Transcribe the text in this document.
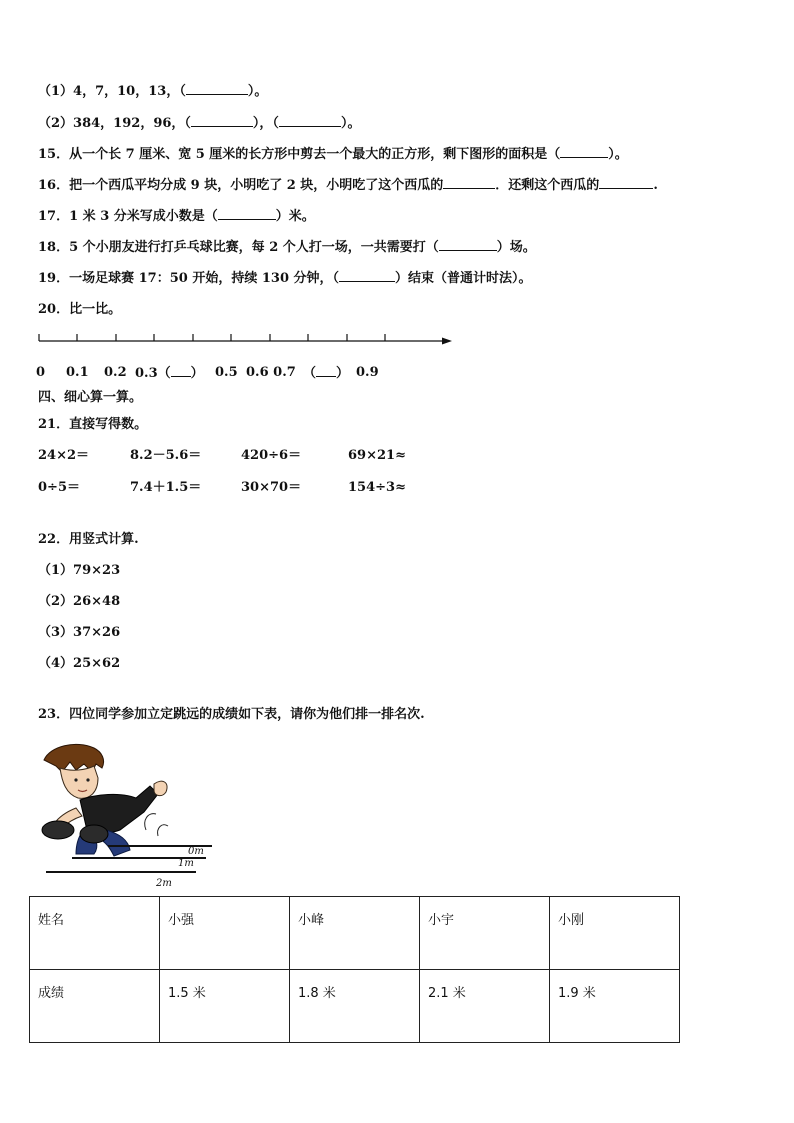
（1）4，7，10，13，（	）。
（2）384，192，96，（	），（	）。
15．从一个长 7 厘米、宽 5 厘米的长方形中剪去一个最大的正方形，剩下图形的面积是（	）。
16．把一个西瓜平均分成 9 块，小明吃了 2 块，小明吃了这个西瓜的	．还剩这个西瓜的	.
17．1 米 3 分米写成小数是（	）米。
18．5 个小朋友进行打乒乓球比赛，每 2 个人打一场，一共需要打（	）场。
19．一场足球赛 17：50 开始，持续 130 分钟，（	）结束（普通计时法）。
20．比一比。
0 0.1 0.2 0.3（ ） 0.5 0.6 0.7 （ ） 0.9
四、细心算一算。
21．直接写得数。
24×2＝	8.2－5.6＝	420÷6＝	69×21≈
0÷5＝	7.4＋1.5＝	30×70＝	154÷3≈
22．用竖式计算.
（1）79×23
（2）26×48
（3）37×26
（4）25×62
23．四位同学参加立定跳远的成绩如下表，请你为他们排一排名次.
0m
1m
2m
姓名	小强	小峰	小宇	小刚
成绩	1.5 米	1.8 米	2.1 米	1.9 米
